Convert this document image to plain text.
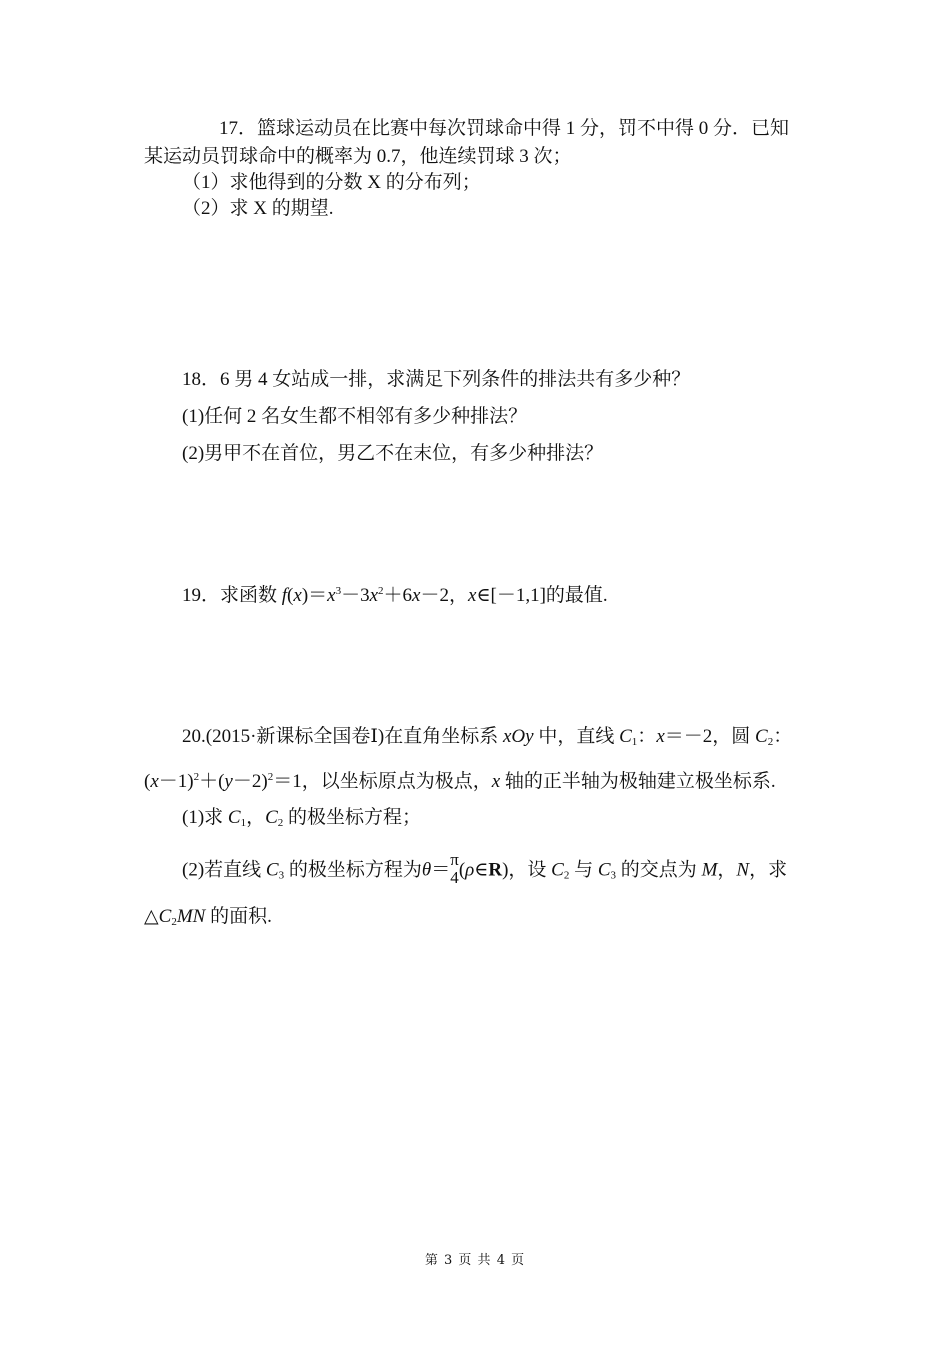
17．篮球运动员在比赛中每次罚球命中得 1 分，罚不中得 0 分．已知
某运动员罚球命中的概率为 0.7，他连续罚球 3 次；
（1）求他得到的分数 X 的分布列；
（2）求 X 的期望.
18．6 男 4 女站成一排，求满足下列条件的排法共有多少种？
(1)任何 2 名女生都不相邻有多少种排法？
(2)男甲不在首位，男乙不在末位，有多少种排法？
19．求函数 $f(x)=x^3-3x^2+6x-2$，x∈[－1,1]的最值.
20.(2015·新课标全国卷Ⅰ)在直角坐标系 xOy 中，直线 $C_1$：x＝－2，圆 $C_2$：
$(x-1)^2+(y-2)^2=1$，以坐标原点为极点，x 轴的正半轴为极轴建立极坐标系.
(1)求 $C_1$，$C_2$ 的极坐标方程；
(2)若直线 $C_3$ 的极坐标方程为θ＝ π
4 (ρ∈R)，设 $C_2$ 与 $C_3$ 的交点为 M，N，求
$\triangle C_2MN$ 的面积.
第 3 页 共 4 页
